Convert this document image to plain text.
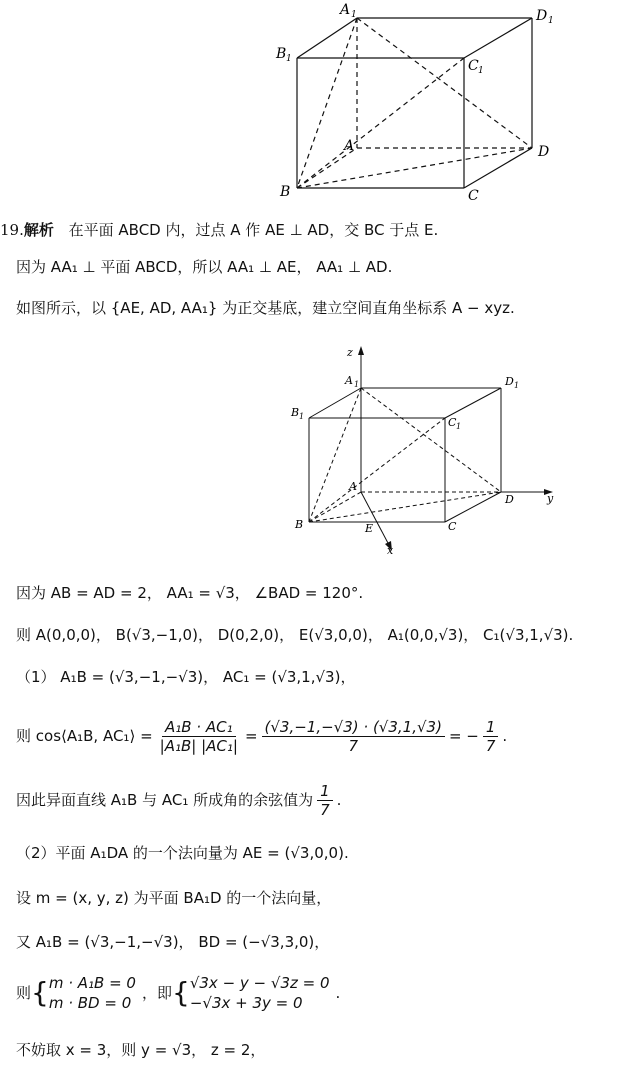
A 1	D 1
B 1	C 1
A	D
B	C
19.解析 在平面 ABCD 内，过点 A 作 AE ⊥ AD，交 BC 于点 E.
因为 AA₁ ⊥ 平面 ABCD，所以 AA₁ ⊥ AE， AA₁ ⊥ AD.
如图所示，以 {AE, AD, AA₁} 为正交基底，建立空间直角坐标系 A − xyz.
z
y
x
A 1	D 1
B 1	C 1
A
D
B	C
E
因为 AB = AD = 2， AA₁ = √3， ∠BAD = 120°.
则 A(0,0,0)， B(√3,−1,0)， D(0,2,0)， E(√3,0,0)， A₁(0,0,√3)， C₁(√3,1,√3).
（1） A₁B = (√3,−1,−√3)， AC₁ = (√3,1,√3)，
则 cos⟨A₁B, AC₁⟩ = $\frac{\text{A₁B · AC₁}}{\text{|A₁B| |AC₁|}} = \frac{(√3,-1,-√3) \cdot (√3,1,√3)}{7}$ = − $\frac{1}{7}$ .
因此异面直线 A₁B 与 AC₁ 所成角的余弦值为 $\frac{1}{7}$ .
（2）平面 A₁DA 的一个法向量为 AE = (√3,0,0).
设 m = (x, y, z) 为平面 BA₁D 的一个法向量，
又 A₁B = (√3,−1,−√3)， BD = (−√3,3,0)，
则 { m · A₁B = 0
m · BD = 0
，即 { √3x − y − √3z = 0
−√3x + 3y = 0
.
不妨取 x = 3，则 y = √3， z = 2，
